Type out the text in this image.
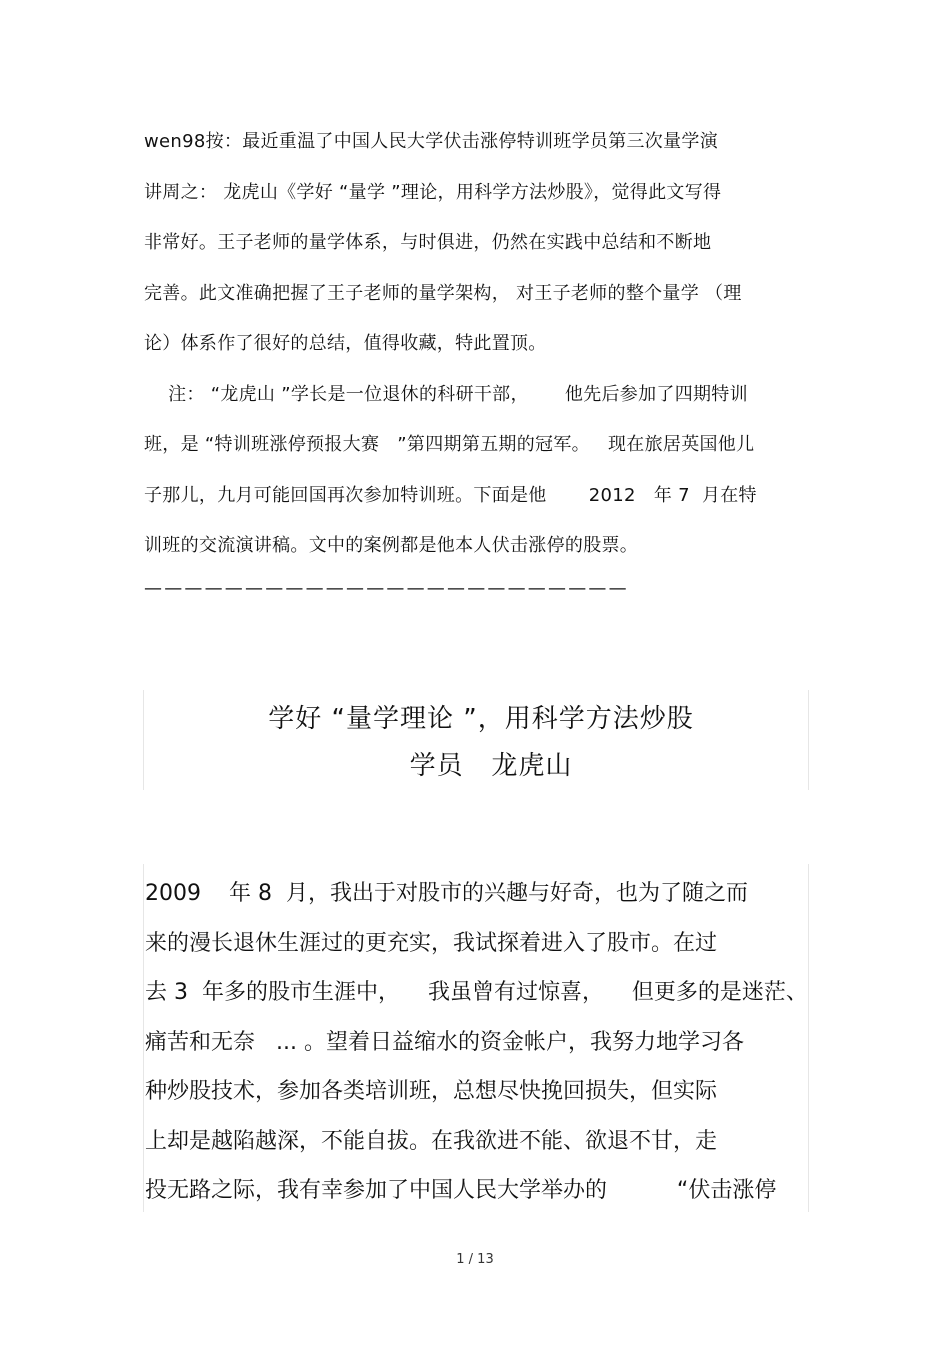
wen98按：最近重温了中国人民大学伏击涨停特训班学员第三次量学演
讲周之： 龙虎山《学好 “量学 ”理论，用科学方法炒股》，觉得此文写得
非常好。王子老师的量学体系，与时俱进，仍然在实践中总结和不断地
完善。此文准确把握了王子老师的量学架构， 对王子老师的整个量学 （理
论）体系作了很好的总结，值得收藏，特此置顶。
注： “龙虎山 ”学长是一位退休的科研干部，      他先后参加了四期特训
班，是 “特训班涨停预报大赛   ”第四期第五期的冠军。   现在旅居英国他儿
子那儿，九月可能回国再次参加特训班。下面是他       2012   年 7  月在特
训班的交流演讲稿。文中的案例都是他本人伏击涨停的股票。
————————————————————————
学好 “量学理论 ”，用科学方法炒股
学员   龙虎山
2009    年 8  月，我出于对股市的兴趣与好奇，也为了随之而
来的漫长退休生涯过的更充实，我试探着进入了股市。在过
去 3  年多的股市生涯中，    我虽曾有过惊喜，    但更多的是迷茫、
痛苦和无奈   ... 。望着日益缩水的资金帐户，我努力地学习各
种炒股技术，参加各类培训班，总想尽快挽回损失，但实际
上却是越陷越深，不能自拔。在我欲进不能、欲退不甘，走
投无路之际，我有幸参加了中国人民大学举办的          “伏击涨停
1 / 13
